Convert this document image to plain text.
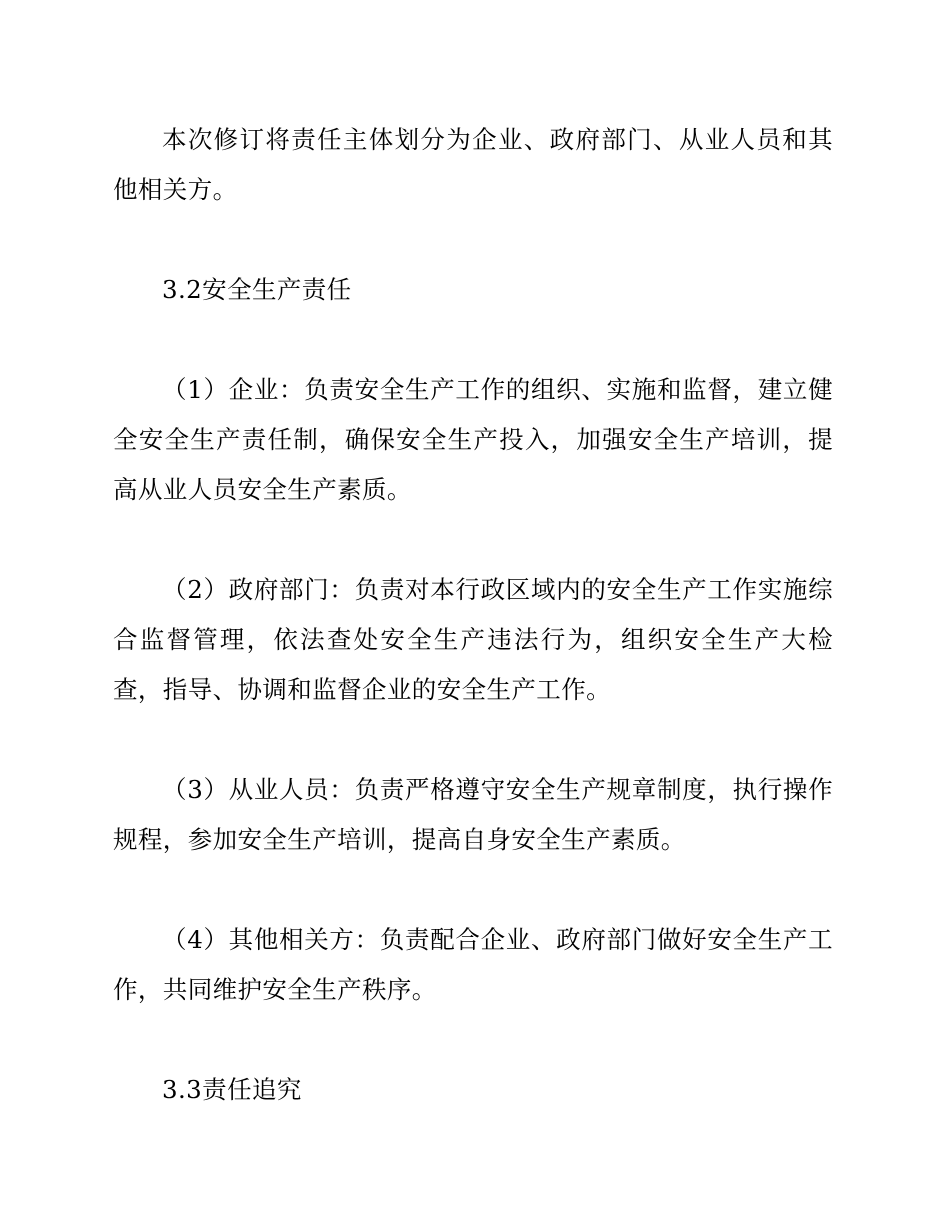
本次修订将责任主体划分为企业、政府部门、从业人员和其他相关方。

3.2安全生产责任

（1）企业：负责安全生产工作的组织、实施和监督，建立健全安全生产责任制，确保安全生产投入，加强安全生产培训，提高从业人员安全生产素质。

（2）政府部门：负责对本行政区域内的安全生产工作实施综合监督管理，依法查处安全生产违法行为，组织安全生产大检查，指导、协调和监督企业的安全生产工作。

（3）从业人员：负责严格遵守安全生产规章制度，执行操作规程，参加安全生产培训，提高自身安全生产素质。

（4）其他相关方：负责配合企业、政府部门做好安全生产工作，共同维护安全生产秩序。

3.3责任追究
